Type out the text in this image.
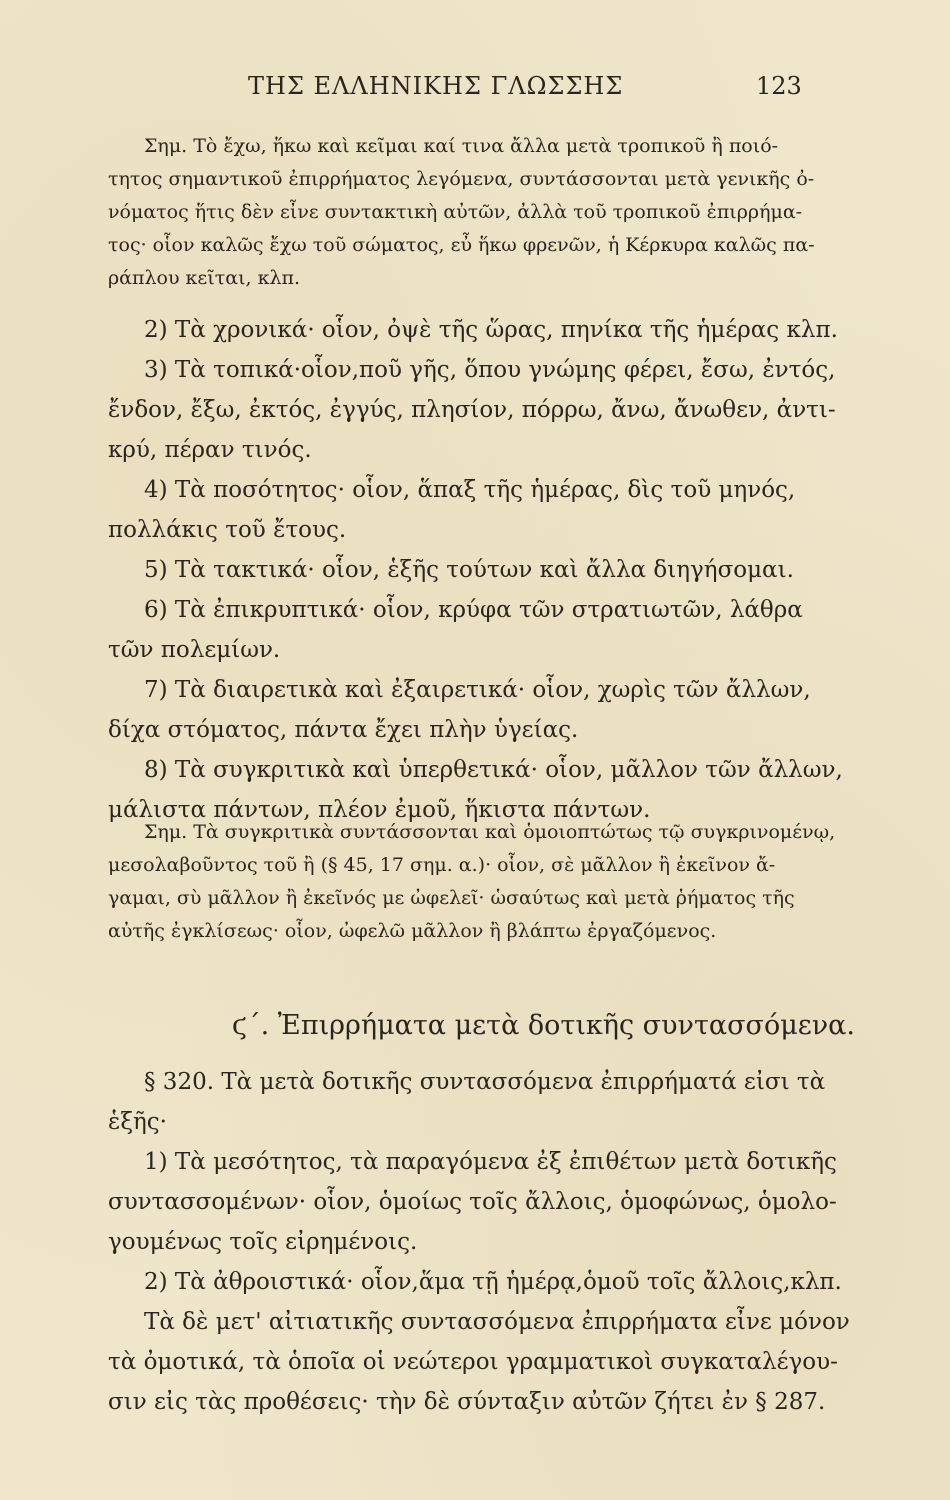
ΤΗΣ ΕΛΛΗΝΙΚΗΣ ΓΛΩΣΣΗΣ	123

Σημ. Τὸ ἔχω, ἥκω καὶ κεῖμαι καί τινα ἄλλα μετὰ τροπικοῦ ἢ ποιό-

τητος σημαντικοῦ ἐπιρρήματος λεγόμενα, συντάσσονται μετὰ γενικῆς ὀ-

νόματος ἥτις δὲν εἶνε συντακτικὴ αὐτῶν, ἀλλὰ τοῦ τροπικοῦ ἐπιρρήμα-

τος· οἷον καλῶς ἔχω τοῦ σώματος, εὖ ἥκω φρενῶν, ἡ Κέρκυρα καλῶς πα-

ράπλου κεῖται, κλπ.

2) Τὰ χρονικά· οἷον, ὀψὲ τῆς ὥρας, πηνίκα τῆς ἡμέρας κλπ.

3) Τὰ τοπικά·οἷον,ποῦ γῆς, ὅπου γνώμης φέρει, ἔσω, ἐντός,

ἔνδον, ἔξω, ἐκτός, ἐγγύς, πλησίον, πόρρω, ἄνω, ἄνωθεν, ἀντι-

κρύ, πέραν τινός.

4) Τὰ ποσότητος· οἷον, ἅπαξ τῆς ἡμέρας, δὶς τοῦ μηνός,

πολλάκις τοῦ ἔτους.

5) Τὰ τακτικά· οἷον, ἑξῆς τούτων καὶ ἄλλα διηγήσομαι.

6) Τὰ ἐπικρυπτικά· οἷον, κρύφα τῶν στρατιωτῶν, λάθρα

τῶν πολεμίων.

7) Τὰ διαιρετικὰ καὶ ἐξαιρετικά· οἷον, χωρὶς τῶν ἄλλων,

δίχα στόματος, πάντα ἔχει πλὴν ὑγείας.

8) Τὰ συγκριτικὰ καὶ ὑπερθετικά· οἷον, μᾶλλον τῶν ἄλλων,

μάλιστα πάντων, πλέον ἐμοῦ, ἥκιστα πάντων.

Σημ. Τὰ συγκριτικὰ συντάσσονται καὶ ὁμοιοπτώτως τῷ συγκρινομένῳ,

μεσολαβοῦντος τοῦ ἢ (§ 45, 17 σημ. α.)· οἷον, σὲ μᾶλλον ἢ ἐκεῖνον ἄ-

γαμαι, σὺ μᾶλλον ἢ ἐκεῖνός με ὠφελεῖ· ὡσαύτως καὶ μετὰ ῥήματος τῆς

αὐτῆς ἐγκλίσεως· οἷον, ὠφελῶ μᾶλλον ἢ βλάπτω ἐργαζόμενος.

ϛ΄. Ἐπιρρήματα μετὰ δοτικῆς συντασσόμενα.

§ 320. Τὰ μετὰ δοτικῆς συντασσόμενα ἐπιρρήματά εἰσι τὰ

ἑξῆς·

1) Τὰ μεσότητος, τὰ παραγόμενα ἐξ ἐπιθέτων μετὰ δοτικῆς

συντασσομένων· οἷον, ὁμοίως τοῖς ἄλλοις, ὁμοφώνως, ὁμολο-

γουμένως τοῖς εἰρημένοις.

2) Τὰ ἀθροιστικά· οἷον,ἅμα τῇ ἡμέρᾳ,ὁμοῦ τοῖς ἄλλοις,κλπ.

Τὰ δὲ μετ' αἰτιατικῆς συντασσόμενα ἐπιρρήματα εἶνε μόνον

τὰ ὀμοτικά, τὰ ὁποῖα οἱ νεώτεροι γραμματικοὶ συγκαταλέγου-

σιν εἰς τὰς προθέσεις· τὴν δὲ σύνταξιν αὐτῶν ζήτει ἐν § 287.
